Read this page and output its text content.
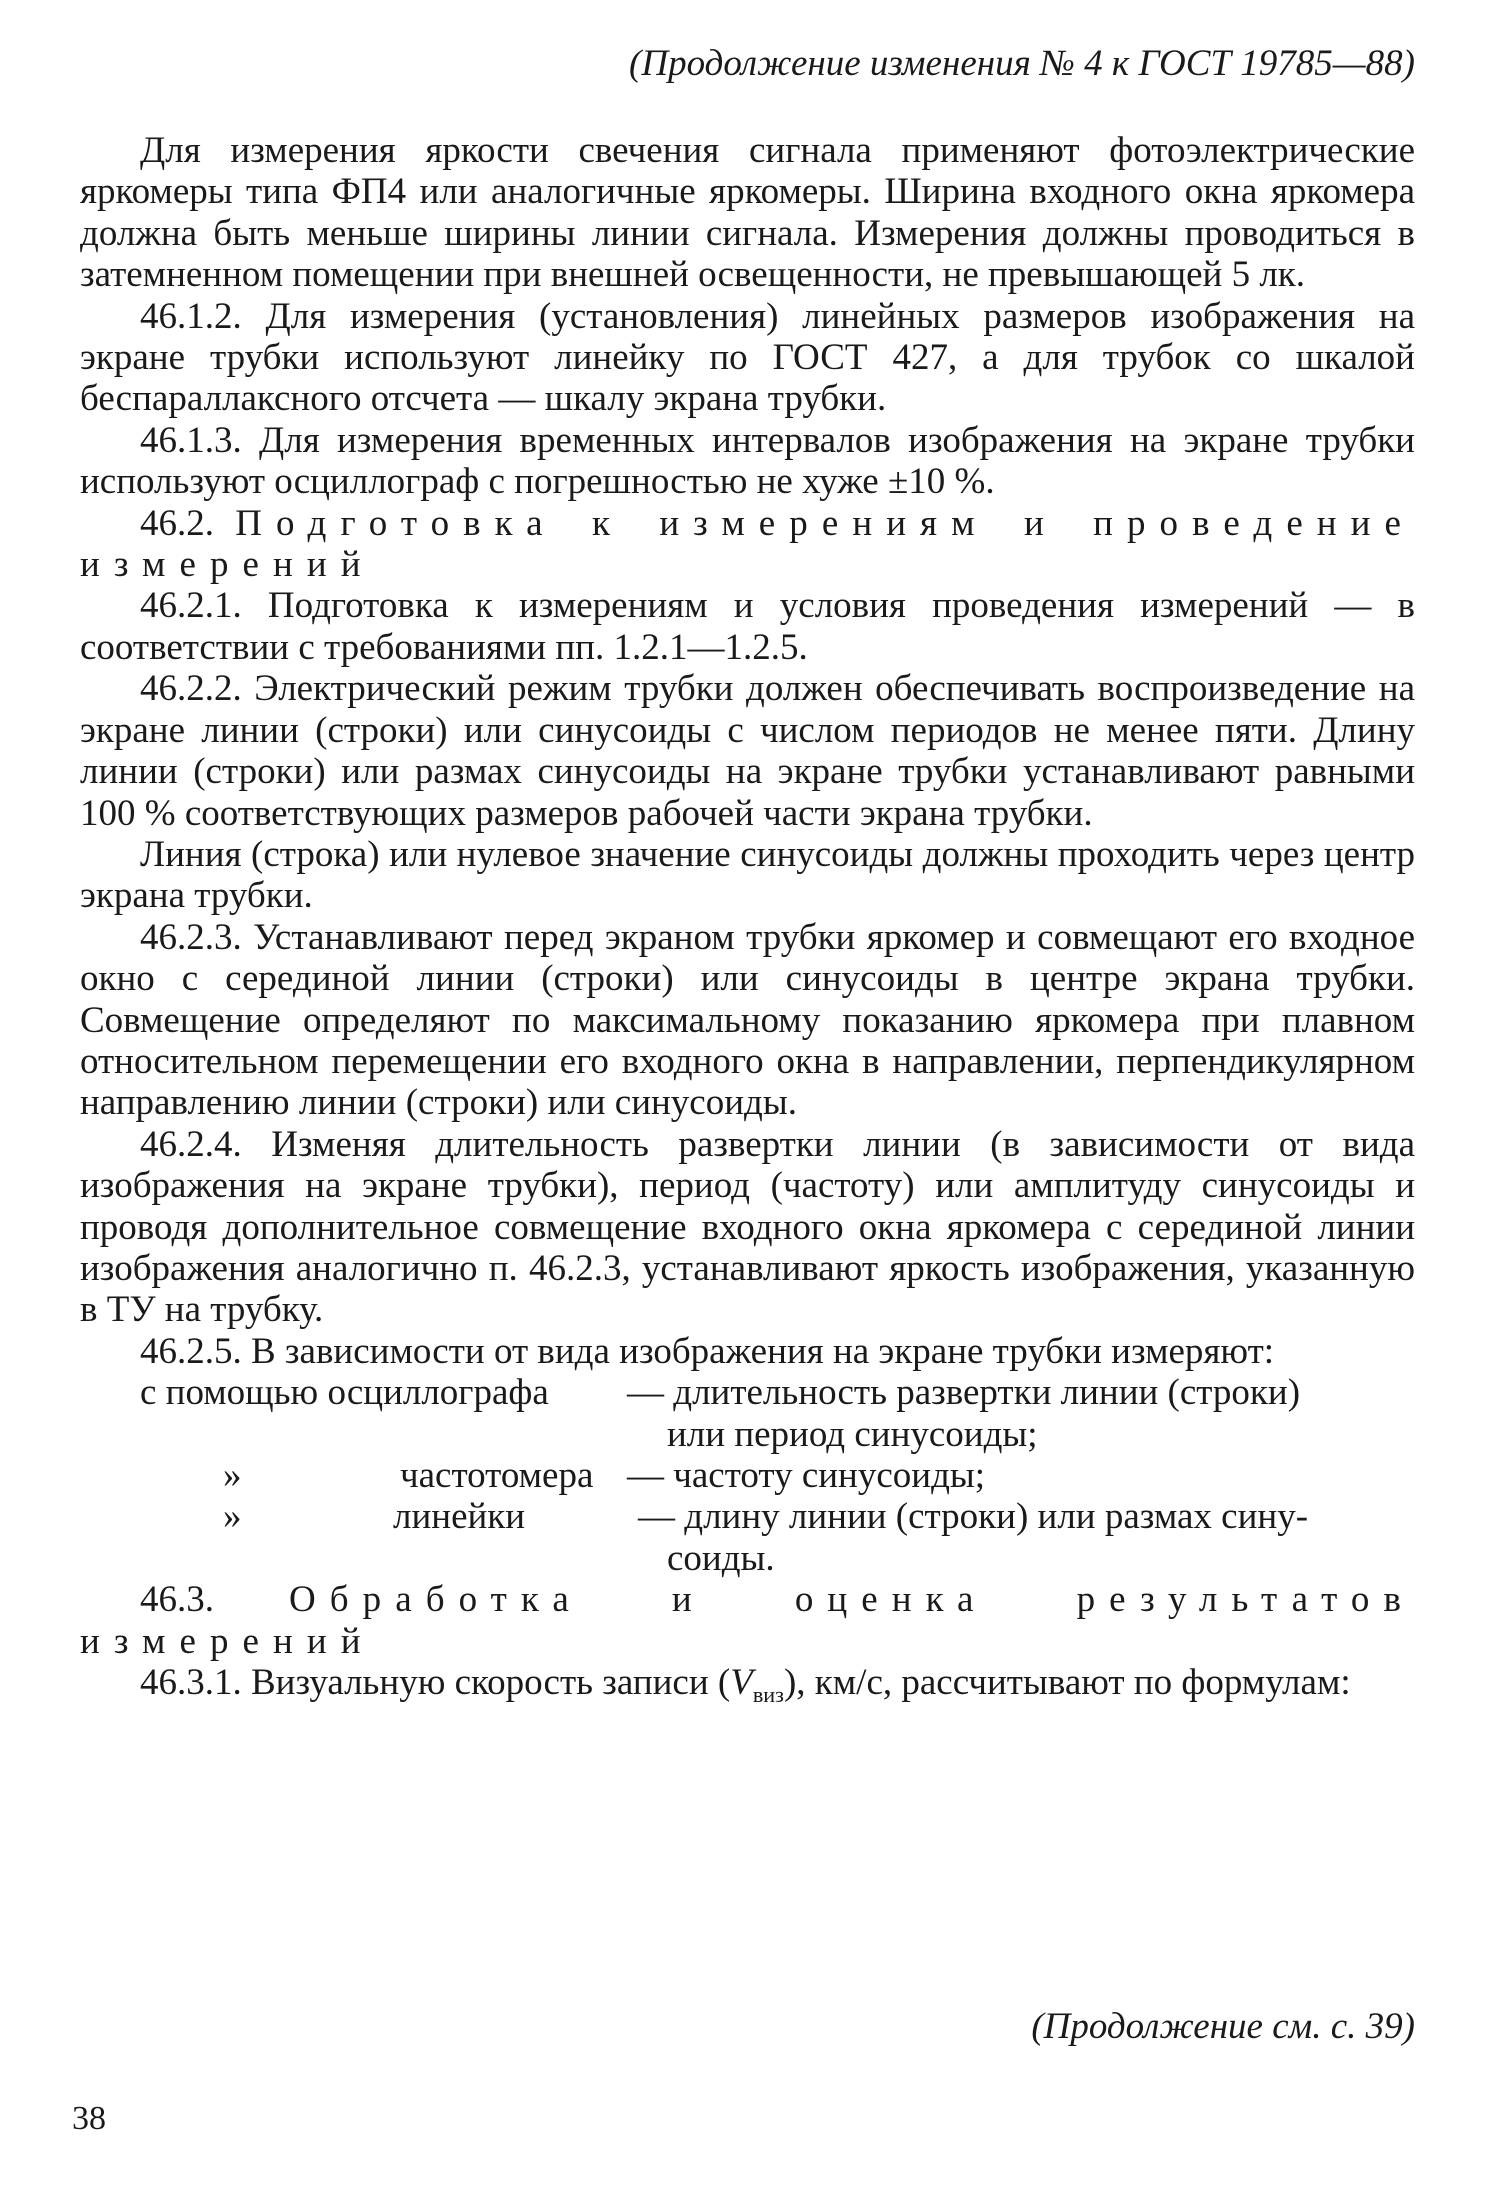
(Продолжение изменения № 4 к ГОСТ 19785—88)

Для измерения яркости свечения сигнала применяют фотоэлектрические яркомеры типа ФП4 или аналогичные яркомеры. Ширина входного окна яркомера должна быть меньше ширины линии сигнала. Измерения должны проводиться в затемненном помещении при внешней освещенности, не превышающей 5 лк.

46.1.2. Для измерения (установления) линейных размеров изображения на экране трубки используют линейку по ГОСТ 427, а для трубок со шкалой беспараллаксного отсчета — шкалу экрана трубки.

46.1.3. Для измерения временных интервалов изображения на экране трубки используют осциллограф с погрешностью не хуже ±10 %.

46.2. Подготовка к измерениям и проведение измерений

46.2.1. Подготовка к измерениям и условия проведения измерений — в соответствии с требованиями пп. 1.2.1—1.2.5.

46.2.2. Электрический режим трубки должен обеспечивать воспроизведение на экране линии (строки) или синусоиды с числом периодов не менее пяти. Длину линии (строки) или размах синусоиды на экране трубки устанавливают равными 100 % соответствующих размеров рабочей части экрана трубки.

Линия (строка) или нулевое значение синусоиды должны проходить через центр экрана трубки.

46.2.3. Устанавливают перед экраном трубки яркомер и совмещают его входное окно с серединой линии (строки) или синусоиды в центре экрана трубки. Совмещение определяют по максимальному показанию яркомера при плавном относительном перемещении его входного окна в направлении, перпендикулярном направлению линии (строки) или синусоиды.

46.2.4. Изменяя длительность развертки линии (в зависимости от вида изображения на экране трубки), период (частоту) или амплитуду синусоиды и проводя дополнительное совмещение входного окна яркомера с серединой линии изображения аналогично п. 46.2.3, устанавливают яркость изображения, указанную в ТУ на трубку.

46.2.5. В зависимости от вида изображения на экране трубки измеряют:

с помощью осциллографа — длительность развертки линии (строки)
или период синусоиды;
»	частотомера — частоту синусоиды;
»	линейки	— длину линии (строки) или размах сину-
соиды.

46.3. Обработка и оценка результатов измерений

46.3.1. Визуальную скорость записи $(V_{виз})$, км/с, рассчитывают по формулам:

(Продолжение см. с. 39)
38
